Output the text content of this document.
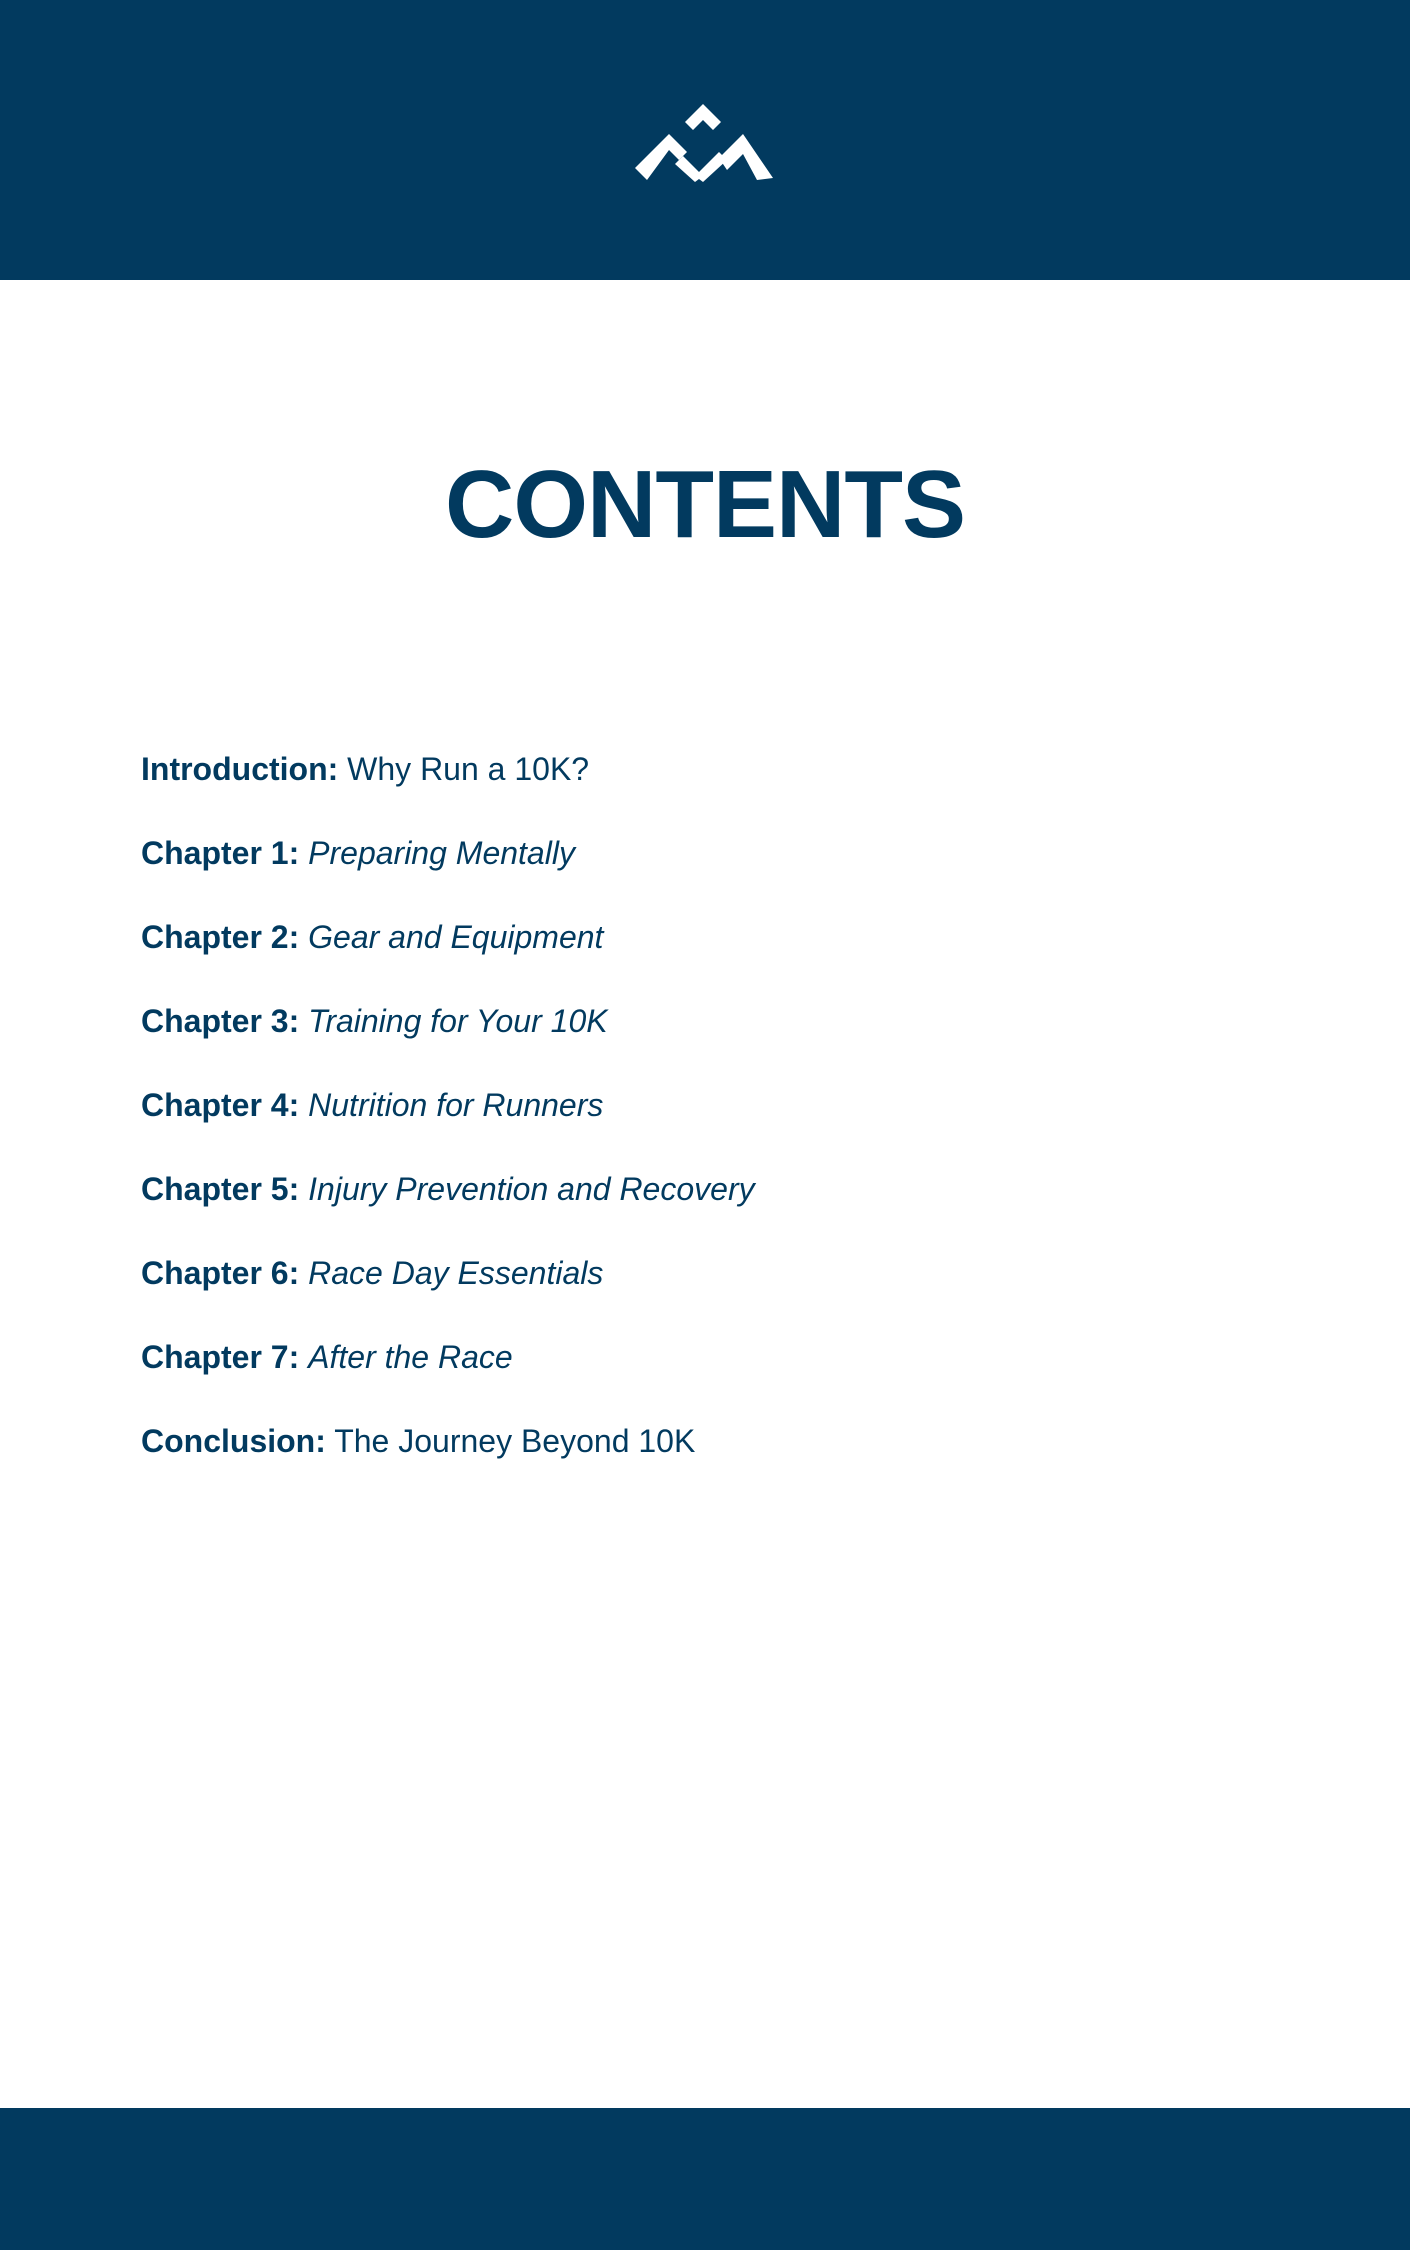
CONTENTS
Introduction: Why Run a 10K?
Chapter 1: Preparing Mentally
Chapter 2: Gear and Equipment
Chapter 3: Training for Your 10K
Chapter 4: Nutrition for Runners
Chapter 5: Injury Prevention and Recovery
Chapter 6: Race Day Essentials
Chapter 7: After the Race
Conclusion: The Journey Beyond 10K
